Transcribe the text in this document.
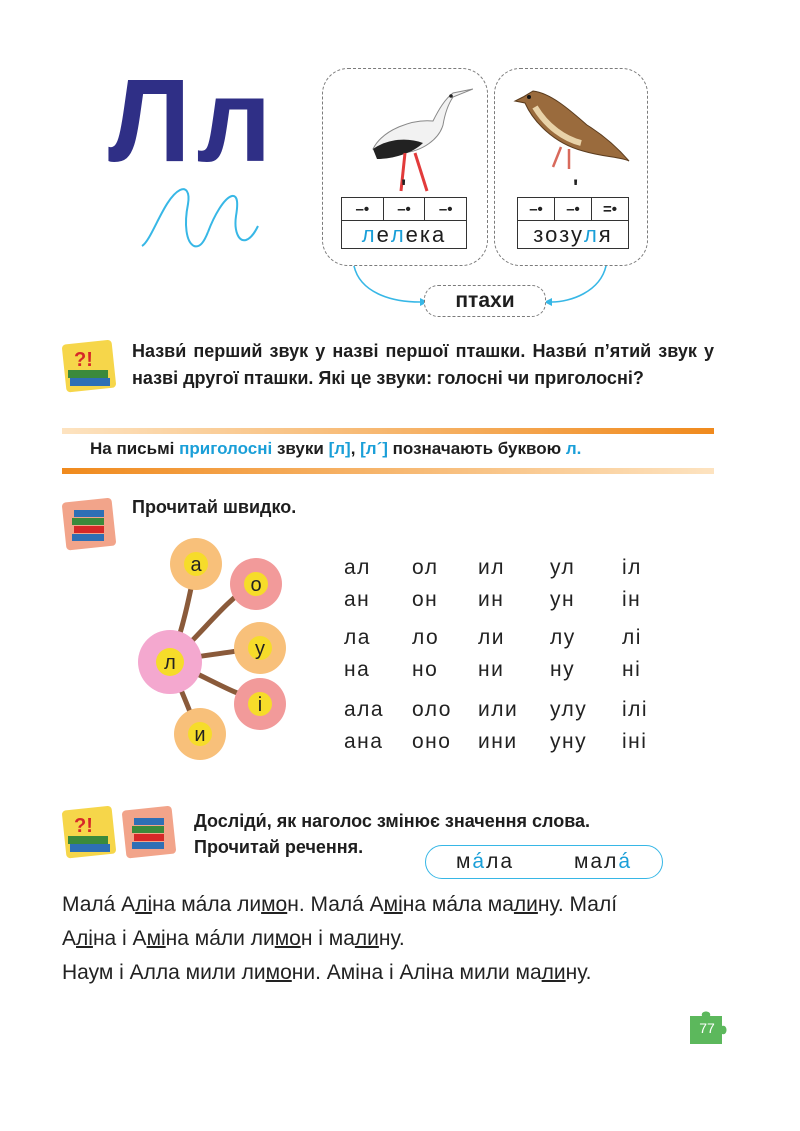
Лл
ʹ
–•	–•	–•
л е л ека
ʹ
–•	–•	=•
зозу л я
птахи
?! Назви́ перший звук у назві першої пташки. Назви́ п’ятий звук у назві другої пташки. Які це звуки: голосні чи приголосні?
На письмі приголосні звуки [л], [л´] позначають буквою л.
Прочитай швидко.
л
а
о
у
і
и
ал ол ил ул іл
ан он ин ун ін
ла ло ли лу лі
на но ни ну ні
ала оло или улу ілі
ана оно ини уну іні
?!	Досліди́, як наголос змінює значення слова.
Прочитай речення.
мáла	малá
Малá Аліна мáла лимон. Малá Аміна мáла малину. Малí
Аліна і Аміна мáли лимон і малину.
Наум і Алла мили лимони. Аміна і Аліна мили малину.
77
